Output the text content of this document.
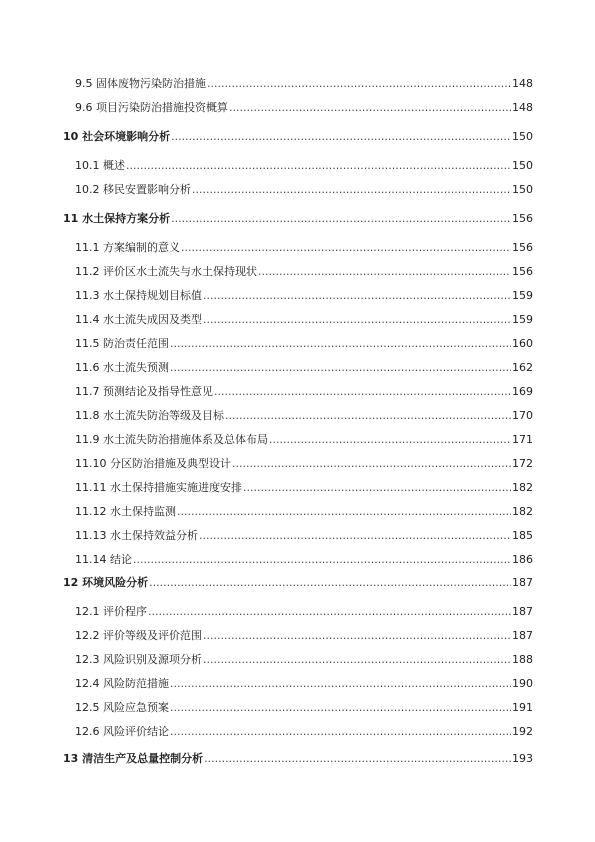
9.5 固体废物污染防治措施 .....	148
9.6 项目污染防治措施投资概算 .....	148
10 社会环境影响分析 .....	150
10.1 概述 .....	150
10.2 移民安置影响分析 .....	150
11 水土保持方案分析 .....	156
11.1 方案编制的意义 .....	156
11.2 评价区水土流失与水土保持现状 .....	156
11.3 水土保持规划目标值 .....	159
11.4 水土流失成因及类型 .....	159
11.5 防治责任范围 .....	160
11.6 水土流失预测 .....	162
11.7 预测结论及指导性意见 .....	169
11.8 水土流失防治等级及目标 .....	170
11.9 水土流失防治措施体系及总体布局 .....	171
11.10 分区防治措施及典型设计 .....	172
11.11 水土保持措施实施进度安排 .....	182
11.12 水土保持监测 .....	182
11.13 水土保持效益分析 .....	185
11.14 结论 .....	186
12 环境风险分析 .....	187
12.1 评价程序 .....	187
12.2 评价等级及评价范围 .....	187
12.3 风险识别及源项分析 .....	188
12.4 风险防范措施 .....	190
12.5 风险应急预案 .....	191
12.6 风险评价结论 .....	192
13 清洁生产及总量控制分析 .....	193
